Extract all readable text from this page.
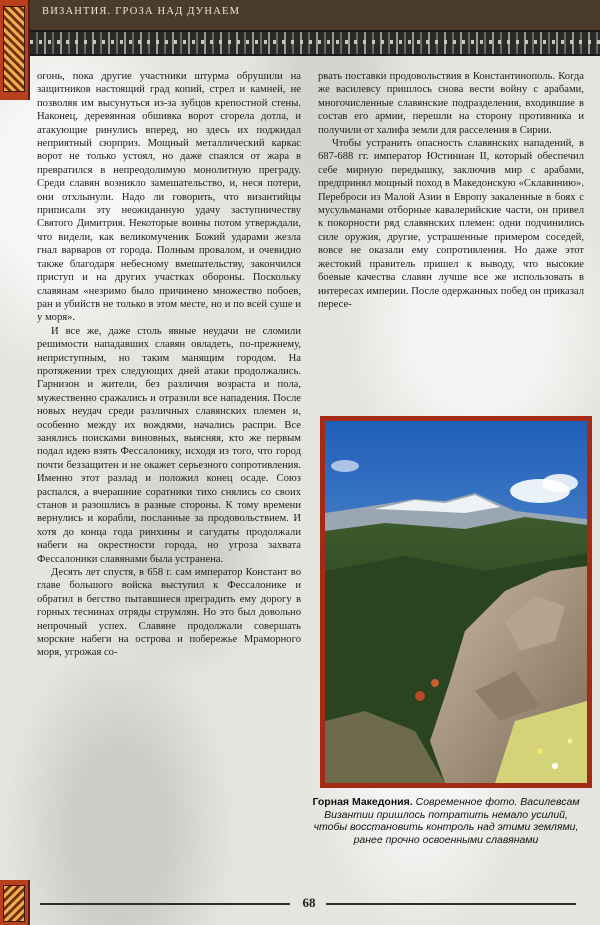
ВИЗАНТИЯ. ГРОЗА НАД ДУНАЕМ

огонь, пока другие участники штурма обрушили на защитников настоящий град копий, стрел и камней, не позволяя им высунуться из-за зубцов крепостной стены. Наконец, деревянная обшивка ворот сгорела дотла, и атакующие ринулись вперед, но здесь их поджидал неприятный сюрприз. Мощный металлический каркас ворот не только устоял, но даже спаялся от жара в превратился в непреодолимую монолитную преграду. Среди славян возникло замешательство, и, неся потери, они отхлынули. Надо ли говорить, что византийцы приписали эту неожиданную удачу заступничеству Святого Димитрия. Некоторые воины потом утверждали, что видели, как великомученик Божий ударами жезла гнал варваров от города. Полным провалом, и очевидно также благодаря небесному вмешательству, закончился приступ и на других участках обороны. Поскольку славянам «незримо было причинено множество побоев, ран и убийств не только в этом месте, но и по всей суше и у моря».

И все же, даже столь явные неудачи не сломили решимости нападавших славян овладеть, по-прежнему, неприступным, но таким манящим городом. На протяжении трех следующих дней атаки продолжались. Гарнизон и жители, без различия возраста и пола, мужественно сражались и отразили все нападения. После новых неудач среди различных славянских племен и, особенно между их вождями, начались распри. Все занялись поисками виновных, выясняя, кто же первым подал идею взять Фессалонику, исходя из того, что город почти беззащитен и не окажет серьезного сопротивления. Именно этот разлад и положил конец осаде. Союз распался, а вчерашние соратники тихо снялись со своих станов и разошлись в разные стороны. К тому времени вернулись и корабли, посланные за продовольствием. И хотя до конца года ринхины и сагудаты продолжали набеги на окрестности города, но угроза захвата Фессалоники славянами была устранена.

Десять лет спустя, в 658 г. сам император Констант во главе большого войска выступил к Фессалонике и обратил в бегство пытавшиеся преградить ему дорогу в горных теснинах отряды струмлян. Но это был довольно непрочный успех. Славяне продолжали совершать морские набеги на острова и побережье Мраморного моря, угрожая со-

рвать поставки продовольствия в Константинополь. Когда же василевсу пришлось снова вести войну с арабами, многочисленные славянские подразделения, входившие в состав его армии, перешли на сторону противника и получили от халифа земли для расселения в Сирии.

Чтобы устранить опасность славянских нападений, в 687-688 гг. император Юстиниан II, который обеспечил себе мирную передышку, заключив мир с арабами, предпринял мощный поход в Македонскую «Склавинию». Переброси из Малой Азии в Европу закаленные в боях с мусульманами отборные кавалерийские части, он привел к покорности ряд славянских племен: одни подчинились силе оружия, другие, устрашенные примером соседей, вовсе не оказали ему сопротивления. Но даже этот жестокий правитель пришел к выводу, что высокие боевые качества славян лучше все же использовать в интересах империи. После одержанных побед он приказал пересе-

Горная Македония. Современное фото. Василевсам Византии пришлось потратить немало усилий, чтобы восстановить контроль над этими землями, ранее прочно освоенными славянами
68
